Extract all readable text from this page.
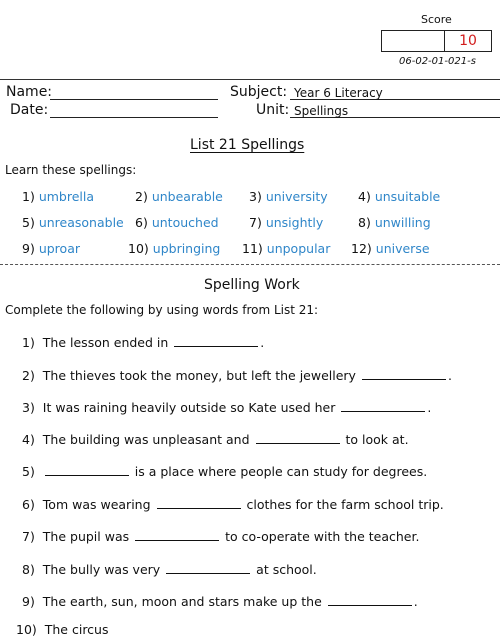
Score
10
06-02-01-021-s
Name:
Date:
Subject: Year 6 Literacy
Unit: Spellings
List 21 Spellings
Learn these spellings:
1) umbrella	2) unbearable 3) university 4) unsuitable
5) unreasonable 6) untouched 7) unsightly	8) unwilling
9) uproar	10) upbringing 11) unpopular 12) universe
Spelling Work
Complete the following by using words from List 21:
1) The lesson ended in	.
2) The thieves took the money, but left the jewellery	.
3) It was raining heavily outside so Kate used her	.
4) The building was unpleasant and	to look at.
5)	is a place where people can study for degrees.
6) Tom was wearing	clothes for the farm school trip.
7) The pupil was	to co-operate with the teacher.
8) The bully was very	at school.
9) The earth, sun, moon and stars make up the	.
10) The circus
